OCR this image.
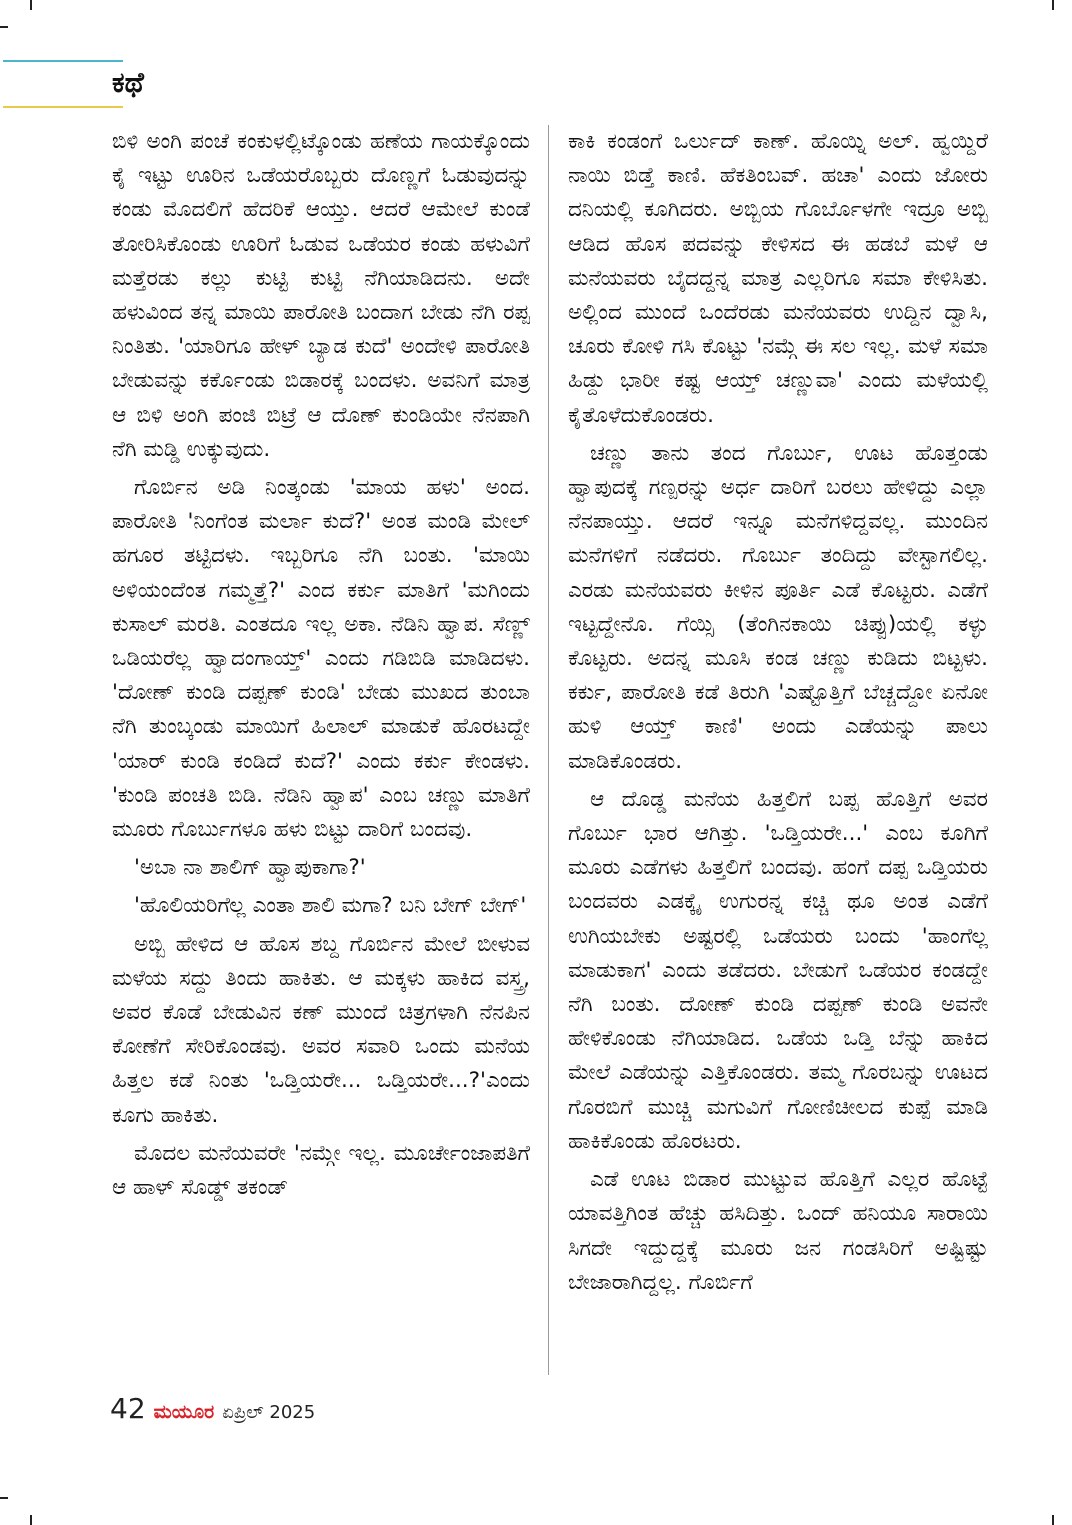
ಕಥೆ

ಬಿಳಿ ಅಂಗಿ ಪಂಚೆ ಕಂಕುಳಲ್ಲಿಟ್ಕೊಂಡು ಹಣೆಯ ಗಾಯಕ್ಕೊಂದು ಕೈ ಇಟ್ಟು ಊರಿನ ಒಡೆಯರೊಬ್ಬರು ದೊಣ್ಣಗೆ ಓಡುವುದನ್ನು ಕಂಡು ಮೊದಲಿಗೆ ಹೆದರಿಕೆ ಆಯ್ತು. ಆದರೆ ಆಮೇಲೆ ಕುಂಡೆ ತೋರಿಸಿಕೊಂಡು ಊರಿಗೆ ಓಡುವ ಒಡೆಯರ ಕಂಡು ಹಳುವಿಗೆ ಮತ್ತೆರಡು ಕಲ್ಲು ಕುಟ್ಟಿ ಕುಟ್ಟಿ ನೆಗಿಯಾಡಿದನು. ಅದೇ ಹಳುವಿಂದ ತನ್ನ ಮಾಯಿ ಪಾರೋತಿ ಬಂದಾಗ ಬೇಡು ನೆಗಿ ರಪ್ಪ ನಿಂತಿತು. 'ಯಾರಿಗೂ ಹೇಳ್ ಬ್ಯಾಡ ಕುದೆ' ಅಂದೇಳಿ ಪಾರೋತಿ ಬೇಡುವನ್ನು ಕರ್ಕೊಂಡು ಬಿಡಾರಕ್ಕೆ ಬಂದಳು. ಅವನಿಗೆ ಮಾತ್ರ ಆ ಬಿಳಿ ಅಂಗಿ ಪಂಜಿ ಬಿಟ್ರೆ ಆ ದೊಣ್ ಕುಂಡಿಯೇ ನೆನಪಾಗಿ ನೆಗಿ ಮಡ್ಡಿ ಉಕ್ಕುವುದು.

ಗೊರ್ಬಿನ ಅಡಿ ನಿಂತ್ಕಂಡು 'ಮಾಯ ಹಳು' ಅಂದ. ಪಾರೋತಿ 'ನಿಂಗೆಂತ ಮರ್ಲಾ ಕುದೆ?' ಅಂತ ಮಂಡಿ ಮೇಲ್ ಹಗೂರ ತಟ್ಟಿದಳು. ಇಬ್ಬರಿಗೂ ನೆಗಿ ಬಂತು. 'ಮಾಯಿ ಅಳಿಯಂದೆಂತ ಗಮ್ಮತ್ತೆ?' ಎಂದ ಕರ್ಕು ಮಾತಿಗೆ 'ಮಗಿಂದು ಕುಸಾಲ್ ಮರತಿ. ಎಂತದೂ ಇಲ್ಲ ಅಕಾ. ನೆಡಿನಿ ಹ್ವಾಪ. ಸೆಣ್ಣ್ ಒಡಿಯರೆಲ್ಲ ಹ್ವಾದಂಗಾಯ್ತ್' ಎಂದು ಗಡಿಬಿಡಿ ಮಾಡಿದಳು. 'ದೋಣ್ ಕುಂಡಿ ದಪ್ಪಣ್ ಕುಂಡಿ' ಬೇಡು ಮುಖದ ತುಂಬಾ ನೆಗಿ ತುಂಬ್ಕಂಡು ಮಾಯಿಗೆ ಹಿಲಾಲ್ ಮಾಡುಕೆ ಹೊರಟದ್ದೇ 'ಯಾರ್ ಕುಂಡಿ ಕಂಡಿದೆ ಕುದೆ?' ಎಂದು ಕರ್ಕು ಕೇಂಡಳು. 'ಕುಂಡಿ ಪಂಚತಿ ಬಿಡಿ. ನೆಡಿನಿ ಹ್ವಾಪ' ಎಂಬ ಚಣ್ಣು ಮಾತಿಗೆ ಮೂರು ಗೊರ್ಬುಗಳೂ ಹಳು ಬಿಟ್ಟು ದಾರಿಗೆ ಬಂದವು.

'ಅಬಾ ನಾ ಶಾಲಿಗ್ ಹ್ವಾಪುಕಾಗಾ?'

'ಹೊಲಿಯರಿಗೆಲ್ಲ ಎಂತಾ ಶಾಲಿ ಮಗಾ? ಬನಿ ಬೇಗ್ ಬೇಗ್'

ಅಬ್ಬಿ ಹೇಳಿದ ಆ ಹೊಸ ಶಬ್ದ ಗೊರ್ಬಿನ ಮೇಲೆ ಬೀಳುವ ಮಳೆಯ ಸದ್ದು ತಿಂದು ಹಾಕಿತು. ಆ ಮಕ್ಕಳು ಹಾಕಿದ ವಸ್ತ್ರ, ಅವರ ಕೊಡೆ ಬೇಡುವಿನ ಕಣ್ ಮುಂದೆ ಚಿತ್ರಗಳಾಗಿ ನೆನಪಿನ ಕೋಣೆಗೆ ಸೇರಿಕೊಂಡವು. ಅವರ ಸವಾರಿ ಒಂದು ಮನೆಯ ಹಿತ್ತಲ ಕಡೆ ನಿಂತು 'ಒಡ್ತಿಯರೇ... ಒಡ್ತಿಯರೇ...?'ಎಂದು ಕೂಗು ಹಾಕಿತು.

ಮೊದಲ ಮನೆಯವರೇ 'ನಮ್ಗೇ ಇಲ್ಲ. ಮೂರ್ಚೇಂಜಾಪತಿಗೆ ಆ ಹಾಳ್ ಸೊಡ್ಡ್ ತಕಂಡ್

ಕಾಕಿ ಕಂಡಂಗೆ ಒರ್ಲುದ್ ಕಾಣ್. ಹೊಯ್ನಿ ಅಲ್. ಹ್ವಯ್ದಿರೆ ನಾಯಿ ಬಿಡ್ತೆ ಕಾಣಿ. ಹೆಕತಿಂಬವ್. ಹಚಾ' ಎಂದು ಜೋರು ದನಿಯಲ್ಲಿ ಕೂಗಿದರು. ಅಬ್ಬಿಯ ಗೊರ್ಬೊಳಗೇ ಇದ್ರೂ ಅಬ್ಬಿ ಆಡಿದ ಹೊಸ ಪದವನ್ನು ಕೇಳಿಸದ ಈ ಹಡಬೆ ಮಳೆ ಆ ಮನೆಯವರು ಬೈದದ್ದನ್ನ ಮಾತ್ರ ಎಲ್ಲರಿಗೂ ಸಮಾ ಕೇಳಿಸಿತು. ಅಲ್ಲಿಂದ ಮುಂದೆ ಒಂದೆರಡು ಮನೆಯವರು ಉದ್ದಿನ ದ್ವಾಸಿ, ಚೂರು ಕೋಳಿ ಗಸಿ ಕೊಟ್ಟು 'ನಮ್ಗೆ ಈ ಸಲ ಇಲ್ಲ. ಮಳೆ ಸಮಾ ಹಿಡ್ದು ಭಾರೀ ಕಷ್ಟ ಆಯ್ತ್ ಚಣ್ಣುವಾ' ಎಂದು ಮಳೆಯಲ್ಲಿ ಕೈತೊಳೆದುಕೊಂಡರು.

ಚಣ್ಣು ತಾನು ತಂದ ಗೊರ್ಬು, ಊಟ ಹೊತ್ತಂಡು ಹ್ವಾಪುದಕ್ಕೆ ಗಣ್ಪರನ್ನು ಅರ್ಧ ದಾರಿಗೆ ಬರಲು ಹೇಳಿದ್ದು ಎಲ್ಲಾ ನೆನಪಾಯ್ತು. ಆದರೆ ಇನ್ನೂ ಮನೆಗಳಿದ್ದವಲ್ಲ. ಮುಂದಿನ ಮನೆಗಳಿಗೆ ನಡೆದರು. ಗೊರ್ಬು ತಂದಿದ್ದು ವೇಸ್ಟಾಗಲಿಲ್ಲ. ಎರಡು ಮನೆಯವರು ಕೀಳಿನ ಪೂರ್ತಿ ಎಡೆ ಕೊಟ್ಟರು. ಎಡೆಗೆ ಇಟ್ಟದ್ದೇನೊ. ಗೆಯ್ಸಿ (ತೆಂಗಿನಕಾಯಿ ಚಿಪ್ಪು)ಯಲ್ಲಿ ಕಳ್ಳು ಕೊಟ್ಟರು. ಅದನ್ನ ಮೂಸಿ ಕಂಡ ಚಣ್ಣು ಕುಡಿದು ಬಿಟ್ಟಳು. ಕರ್ಕು, ಪಾರೋತಿ ಕಡೆ ತಿರುಗಿ 'ಎಷ್ಟೊತ್ತಿಗೆ ಬೆಚ್ಚದ್ದೋ ಏನೋ ಹುಳಿ ಆಯ್ತ್ ಕಾಣಿ' ಅಂದು ಎಡೆಯನ್ನು ಪಾಲು ಮಾಡಿಕೊಂಡರು.

ಆ ದೊಡ್ಡ ಮನೆಯ ಹಿತ್ತಲಿಗೆ ಬಪ್ಪ ಹೊತ್ತಿಗೆ ಅವರ ಗೊರ್ಬು ಭಾರ ಆಗಿತ್ತು. 'ಒಡ್ತಿಯರೇ...' ಎಂಬ ಕೂಗಿಗೆ ಮೂರು ಎಡೆಗಳು ಹಿತ್ತಲಿಗೆ ಬಂದವು. ಹಂಗೆ ದಪ್ಪ ಒಡ್ತಿಯರು ಬಂದವರು ಎಡಕ್ಕೈ ಉಗುರನ್ನ ಕಚ್ಚಿ ಥೂ ಅಂತ ಎಡೆಗೆ ಉಗಿಯಬೇಕು ಅಷ್ಟರಲ್ಲಿ ಒಡೆಯರು ಬಂದು 'ಹಾಂಗೆಲ್ಲ ಮಾಡುಕಾಗ' ಎಂದು ತಡೆದರು. ಬೇಡುಗೆ ಒಡೆಯರ ಕಂಡದ್ದೇ ನೆಗಿ ಬಂತು. ದೋಣ್ ಕುಂಡಿ ದಪ್ಪಣ್ ಕುಂಡಿ ಅವನೇ ಹೇಳಿಕೊಂಡು ನೆಗಿಯಾಡಿದ. ಒಡೆಯ ಒಡ್ತಿ ಬೆನ್ನು ಹಾಕಿದ ಮೇಲೆ ಎಡೆಯನ್ನು ಎತ್ತಿಕೊಂಡರು. ತಮ್ಮ ಗೊರಬನ್ನು ಊಟದ ಗೊರಬಿಗೆ ಮುಚ್ಚಿ ಮಗುವಿಗೆ ಗೋಣಿಚೀಲದ ಕುಪ್ಪೆ ಮಾಡಿ ಹಾಕಿಕೊಂಡು ಹೊರಟರು.

ಎಡೆ ಊಟ ಬಿಡಾರ ಮುಟ್ಟುವ ಹೊತ್ತಿಗೆ ಎಲ್ಲರ ಹೊಟ್ಟೆ ಯಾವತ್ತಿಗಿಂತ ಹೆಚ್ಚು ಹಸಿದಿತ್ತು. ಒಂದ್ ಹನಿಯೂ ಸಾರಾಯಿ ಸಿಗದೇ ಇದ್ದುದ್ದಕ್ಕೆ ಮೂರು ಜನ ಗಂಡಸಿರಿಗೆ ಅಷ್ಟಿಷ್ಟು ಬೇಜಾರಾಗಿದ್ದಲ್ಲ. ಗೊರ್ಬಿಗೆ

42 ಮಯೂರ ಏಪ್ರಿಲ್ 2025
